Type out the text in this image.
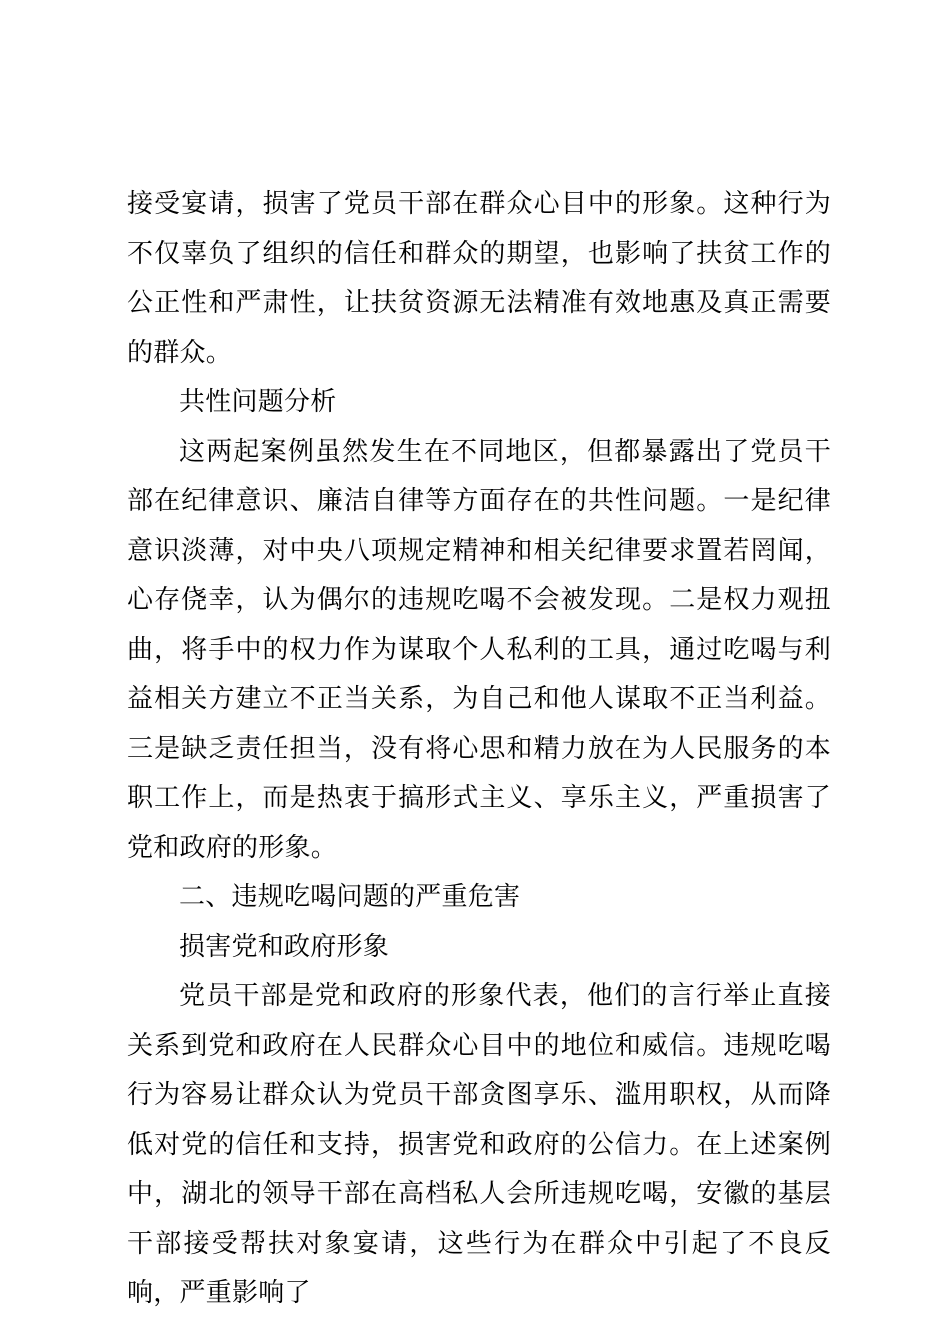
接受宴请，损害了党员干部在群众心目中的形象。这种行为不仅辜负了组织的信任和群众的期望，也影响了扶贫工作的公正性和严肃性，让扶贫资源无法精准有效地惠及真正需要的群众。

共性问题分析

这两起案例虽然发生在不同地区，但都暴露出了党员干部在纪律意识、廉洁自律等方面存在的共性问题。一是纪律意识淡薄，对中央八项规定精神和相关纪律要求置若罔闻，心存侥幸，认为偶尔的违规吃喝不会被发现。二是权力观扭曲，将手中的权力作为谋取个人私利的工具，通过吃喝与利益相关方建立不正当关系，为自己和他人谋取不正当利益。三是缺乏责任担当，没有将心思和精力放在为人民服务的本职工作上，而是热衷于搞形式主义、享乐主义，严重损害了党和政府的形象。

二、违规吃喝问题的严重危害

损害党和政府形象

党员干部是党和政府的形象代表，他们的言行举止直接关系到党和政府在人民群众心目中的地位和威信。违规吃喝行为容易让群众认为党员干部贪图享乐、滥用职权，从而降低对党的信任和支持，损害党和政府的公信力。在上述案例中，湖北的领导干部在高档私人会所违规吃喝，安徽的基层干部接受帮扶对象宴请，这些行为在群众中引起了不良反响，严重影响了
